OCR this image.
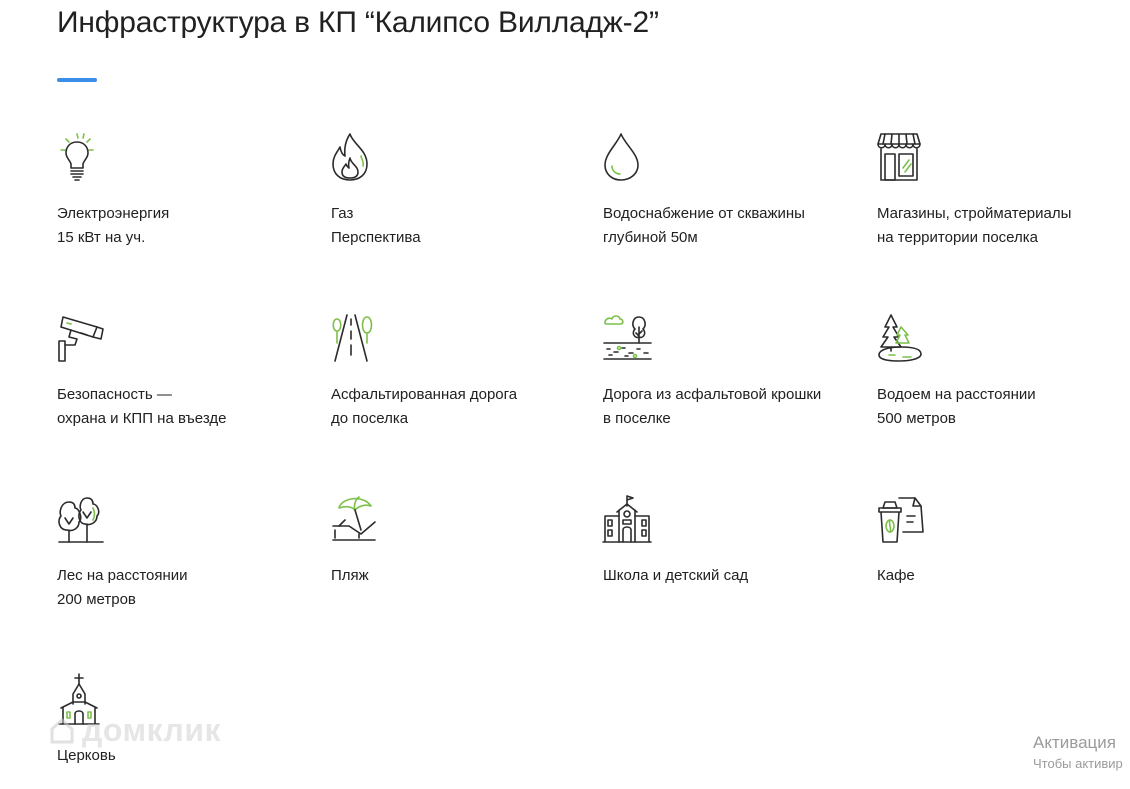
Инфраструктура в КП “Калипсо Вилладж-2”
Электроэнергия
15 кВт на уч.
Газ
Перспектива
Водоснабжение от скважины
глубиной 50м
Магазины, стройматериалы
на территории поселка
Безопасность —
охрана и КПП на въезде
Асфальтированная дорога
до поселка
Дорога из асфальтовой крошки
в поселке
Водоем на расстоянии
500 метров
Лес на расстоянии
200 метров
Пляж	Школа и детский сад	Кафе
Церковь
домклик	Активация
Чтобы активир
